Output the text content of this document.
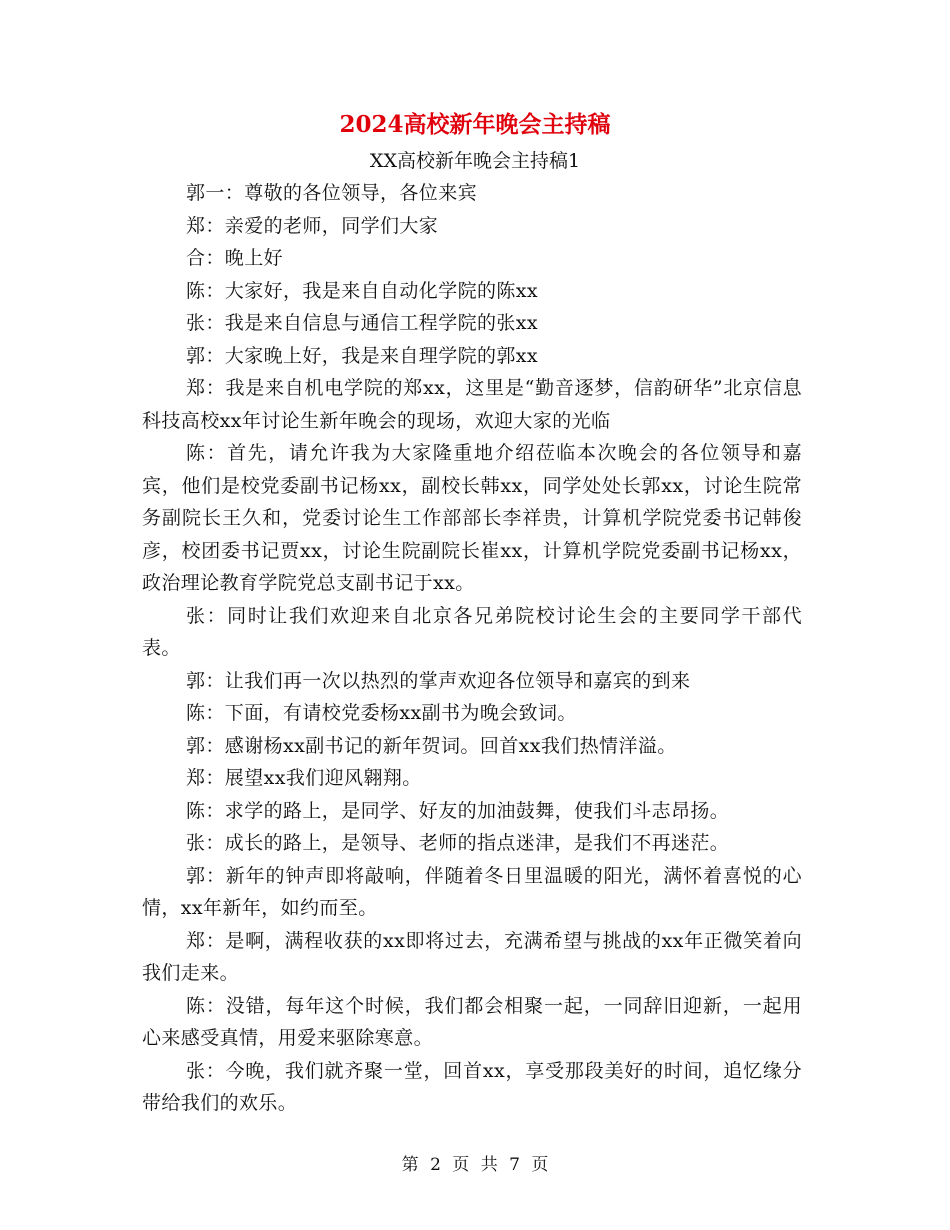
2024高校新年晚会主持稿
XX高校新年晚会主持稿1

郭一：尊敬的各位领导，各位来宾

郑：亲爱的老师，同学们大家

合：晚上好

陈：大家好，我是来自自动化学院的陈xx

张：我是来自信息与通信工程学院的张xx

郭：大家晚上好，我是来自理学院的郭xx

郑：我是来自机电学院的郑xx，这里是“勤音逐梦，信韵研华”北京信息科技高校xx年讨论生新年晚会的现场，欢迎大家的光临

陈：首先，请允许我为大家隆重地介绍莅临本次晚会的各位领导和嘉宾，他们是校党委副书记杨xx，副校长韩xx，同学处处长郭xx，讨论生院常务副院长王久和，党委讨论生工作部部长李祥贵，计算机学院党委书记韩俊彦，校团委书记贾xx，讨论生院副院长崔xx，计算机学院党委副书记杨xx，政治理论教育学院党总支副书记于xx。

张：同时让我们欢迎来自北京各兄弟院校讨论生会的主要同学干部代表。

郭：让我们再一次以热烈的掌声欢迎各位领导和嘉宾的到来

陈：下面，有请校党委杨xx副书为晚会致词。

郭：感谢杨xx副书记的新年贺词。回首xx我们热情洋溢。

郑：展望xx我们迎风翱翔。

陈：求学的路上，是同学、好友的加油鼓舞，使我们斗志昂扬。

张：成长的路上，是领导、老师的指点迷津，是我们不再迷茫。

郭：新年的钟声即将敲响，伴随着冬日里温暖的阳光，满怀着喜悦的心情，xx年新年，如约而至。

郑：是啊，满程收获的xx即将过去，充满希望与挑战的xx年正微笑着向我们走来。

陈：没错，每年这个时候，我们都会相聚一起，一同辞旧迎新，一起用心来感受真情，用爱来驱除寒意。

张：今晚，我们就齐聚一堂，回首xx，享受那段美好的时间，追忆缘分带给我们的欢乐。

第 2 页 共 7 页
